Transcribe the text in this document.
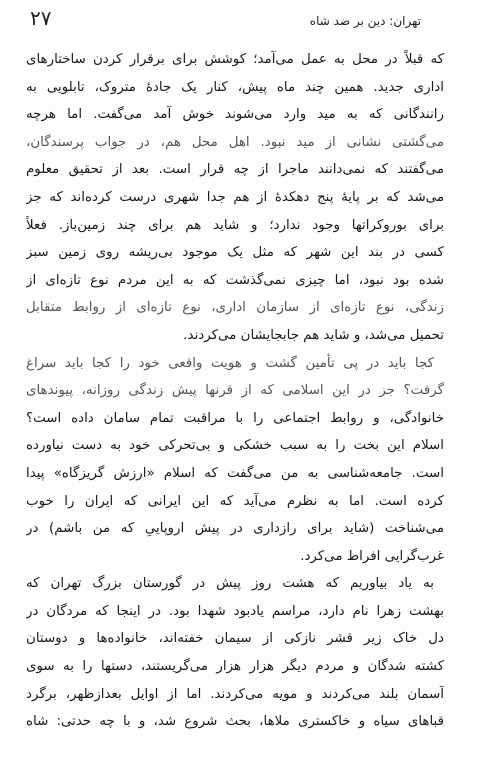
۲۷	تهران: دین بر ضد شاه
که قبلاً در محل به عمل می‌آمد؛ کوشش برای برقرار کردن ساختارهای
اداری جدید. همین چند ماه پیش، کنار یک جادهٔ متروک، تابلویی به
رانندگانی که به مید وارد می‌شوند خوش آمد می‌گفت. اما هرچه
می‌گشتی نشانی از مید نبود. اهل محل هم، در جواب پرسندگان،
می‌گفتند که نمی‌دانند ماجرا از چه قرار است. بعد از تحقیق معلوم
می‌شد که بر پایهٔ پنج دهکدهٔ از هم جدا شهری درست کرده‌اند که جز
برای بوروکراتها وجود ندارد؛ و شاید هم برای چند زمین‌باز. فعلاً
کسی در بند این شهر که مثل یک موجود بی‌ریشه روی زمین سبز
شده بود نبود، اما چیزی نمی‌گذشت که به این مردم نوع تازه‌ای از
زندگی، نوع تازه‌ای از سازمان اداری، نوع تازه‌ای از روابط متقابل
تحمیل می‌شد، و شاید هم جابجایشان می‌کردند.
کجا باید در پی تأمین گشت و هویت واقعی خود را کجا باید سراغ
گرفت؟ جز در این اسلامی که از قرنها پیش زندگی روزانه، پیوندهای
خانوادگی، و روابط اجتماعی را با مراقبت تمام سامان داده است؟
اسلام این بخت را به سبب خشکی و بی‌تحرکی خود به دست نیاورده
است. جامعه‌شناسی به من می‌گفت که اسلام «ارزش گریزگاه» پیدا
کرده است. اما به نظرم می‌آید که این ایرانی که ایران را خوب
می‌شناخت (شاید برای رازداری در پیش اروپاییِ که من باشم) در
غرب‌گرایی افراط می‌کرد.
به یاد بیاوریم که هشت روز پیش در گورستان بزرگ تهران که
بهشت زهرا نام دارد، مراسم یادبود شهدا بود. در اینجا که مردگان در
دل خاک زیر قشر نازکی از سیمان خفته‌اند، خانواده‌ها و دوستان
کشته شدگان و مردم دیگر هزار هزار می‌گریستند، دستها را به سوی
آسمان بلند می‌کردند و مویه می‌کردند. اما از اوایل بعدازظهر، برگرد
قباهای سیاه و خاکستری ملاها، بحث شروع شد، و با چه حدتی: شاه
